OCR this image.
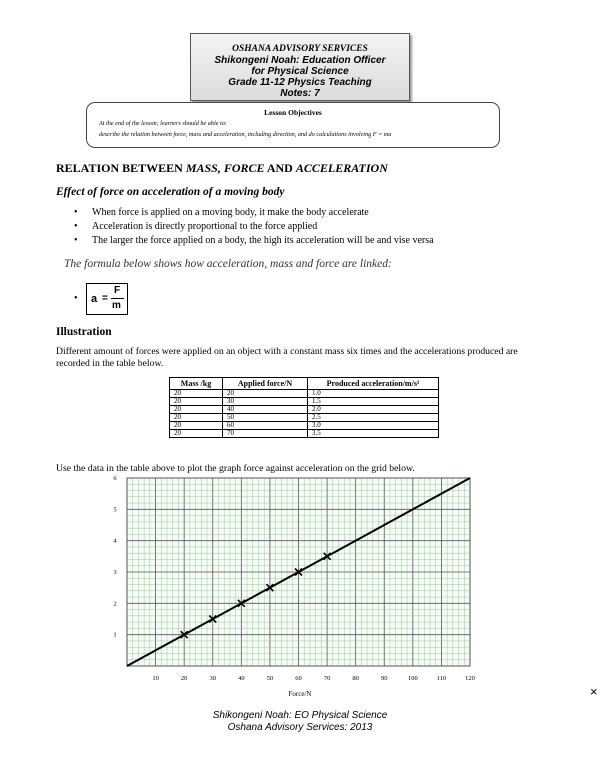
OSHANA ADVISORY SERVICES
Shikongeni Noah: Education Officer
for Physical Science
Grade 11-12 Physics Teaching
Notes: 7
Lesson Objectives
At the end of the lesson; learners should be able to:
describe the relation between force, mass and acceleration, including direction, and do calculations involving F = ma
RELATION BETWEEN MASS, FORCE AND ACCELERATION
Effect of force on acceleration of a moving body
• When force is applied on a moving body, it make the body accelerate
• Acceleration is directly proportional to the force applied
• The larger the force applied on a body, the high its acceleration will be and vise versa
The formula below shows how acceleration, mass and force are linked:
• a =
F
m
Illustration
Different amount of forces were applied on an object with a constant mass six times and the accelerations produced are recorded in the table below.
Mass /kg	Applied force/N	Produced acceleration/m/s²
20	20	1.0
20	30	1.5
20	40	2.0
20	50	2.5
20	60	3.0
20	70	3.5
Use the data in the table above to plot the graph force against acceleration on the grid below.
10	20	30	40	50	60	70	80	90	100	110	120
1
2
3
4
5
6
Force/N	×
Shikongeni Noah: EO Physical Science
Oshana Advisory Services: 2013
